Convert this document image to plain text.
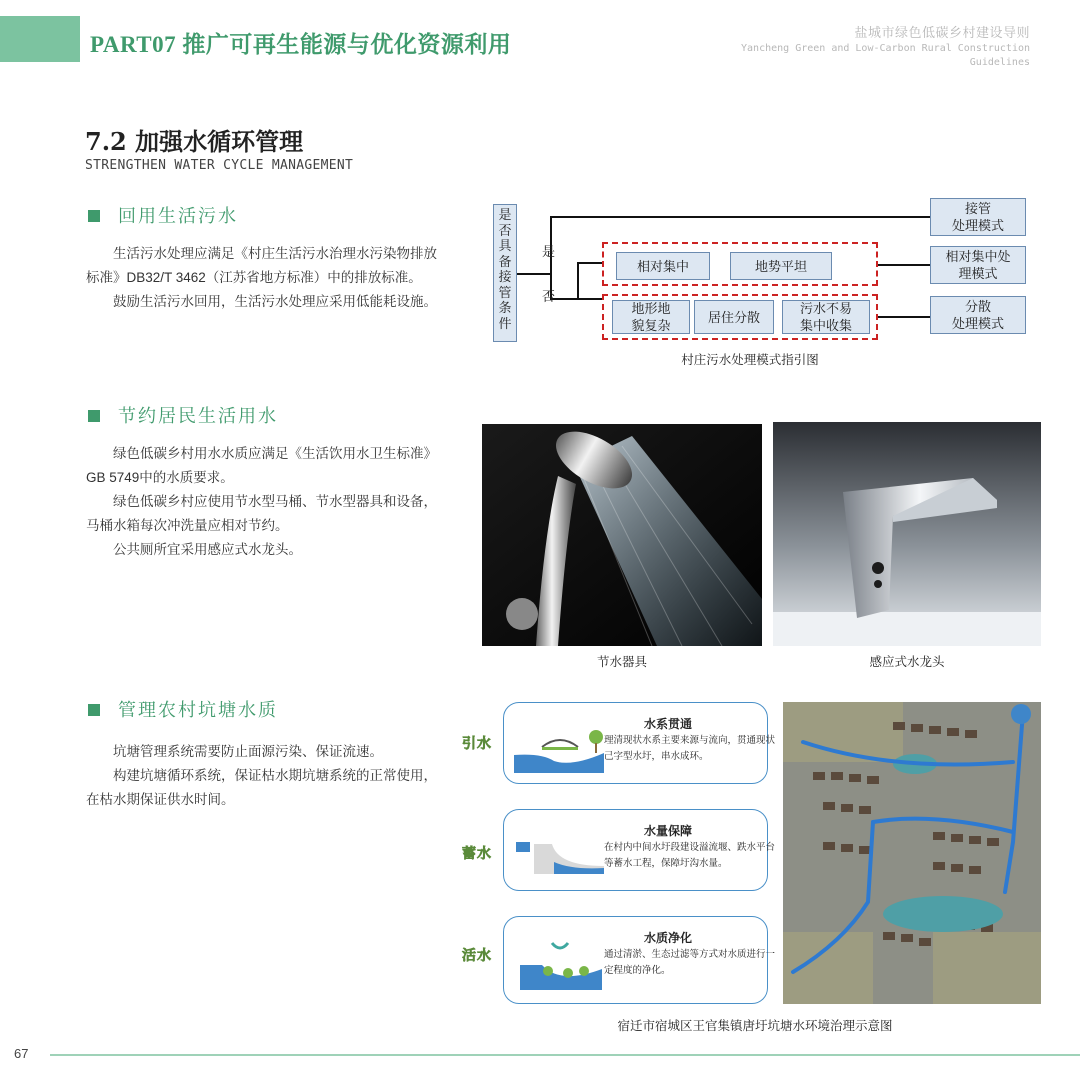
PART07 推广可再生能源与优化资源利用	盐城市绿色低碳乡村建设导则
Yancheng Green and Low-Carbon Rural Construction
Guidelines
7.2 加强水循环管理
STRENGTHEN WATER CYCLE MANAGEMENT
回用生活污水

生活污水处理应满足《村庄生活污水治理水污染物排放标准》DB32/T 3462（江苏省地方标准）中的排放标准。

鼓励生活污水回用，生活污水处理应采用低能耗设施。

是否具备接管条件
是
否
相对集中	地势平坦
地形地
貌复杂
居住分散
污水不易
集中收集
接管
处理模式
相对集中处
理模式
分散
处理模式
村庄污水处理模式指引图
节约居民生活用水

绿色低碳乡村用水水质应满足《生活饮用水卫生标准》GB 5749中的水质要求。

绿色低碳乡村应使用节水型马桶、节水型器具和设备，马桶水箱每次冲洗量应相对节约。

公共厕所宜采用感应式水龙头。

节水器具	感应式水龙头
管理农村坑塘水质

坑塘管理系统需要防止面源污染、保证流速。

构建坑塘循环系统，保证枯水期坑塘系统的正常使用，在枯水期保证供水时间。

引水
水系贯通
理清现状水系主要来源与流向，贯通现状己字型水圩，串水成环。
蓄水
水量保障
在村内中间水圩段建设溢流堰、跌水平台等蓄水工程，保障圩沟水量。
活水
水质净化
通过清淤、生态过滤等方式对水质进行一定程度的净化。
宿迁市宿城区王官集镇唐圩坑塘水环境治理示意图
67
